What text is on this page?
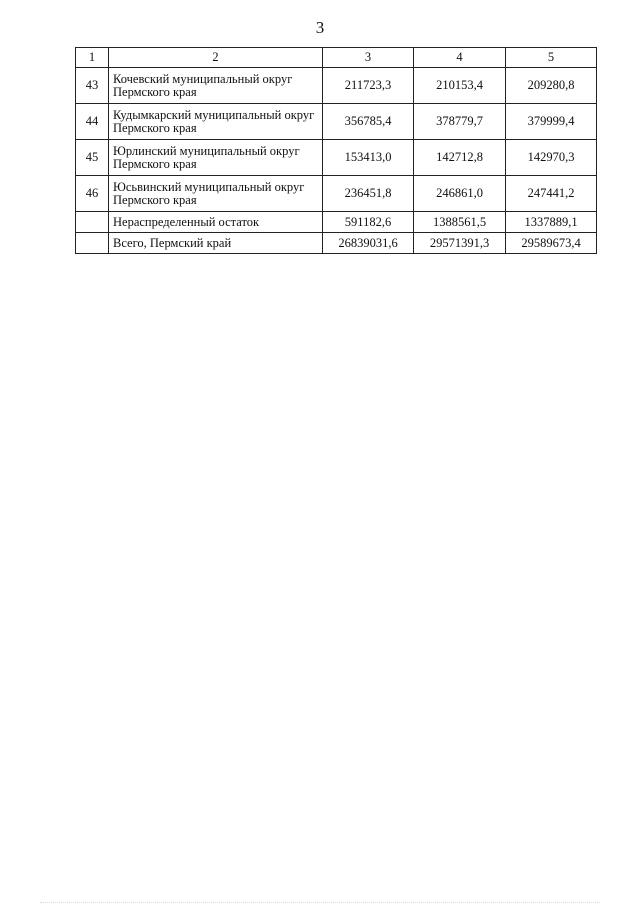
3
1	2	3	4	5
43	Кочевский муниципальный округ Пермского края	211723,3	210153,4	209280,8
44	Кудымкарский муниципальный округ Пермского края	356785,4	378779,7	379999,4
45	Юрлинский муниципальный округ Пермского края	153413,0	142712,8	142970,3
46	Юсьвинский муниципальный округ Пермского края	236451,8	246861,0	247441,2
	Нераспределенный остаток	591182,6	1388561,5	1337889,1
	Всего, Пермский край	26839031,6	29571391,3	29589673,4
